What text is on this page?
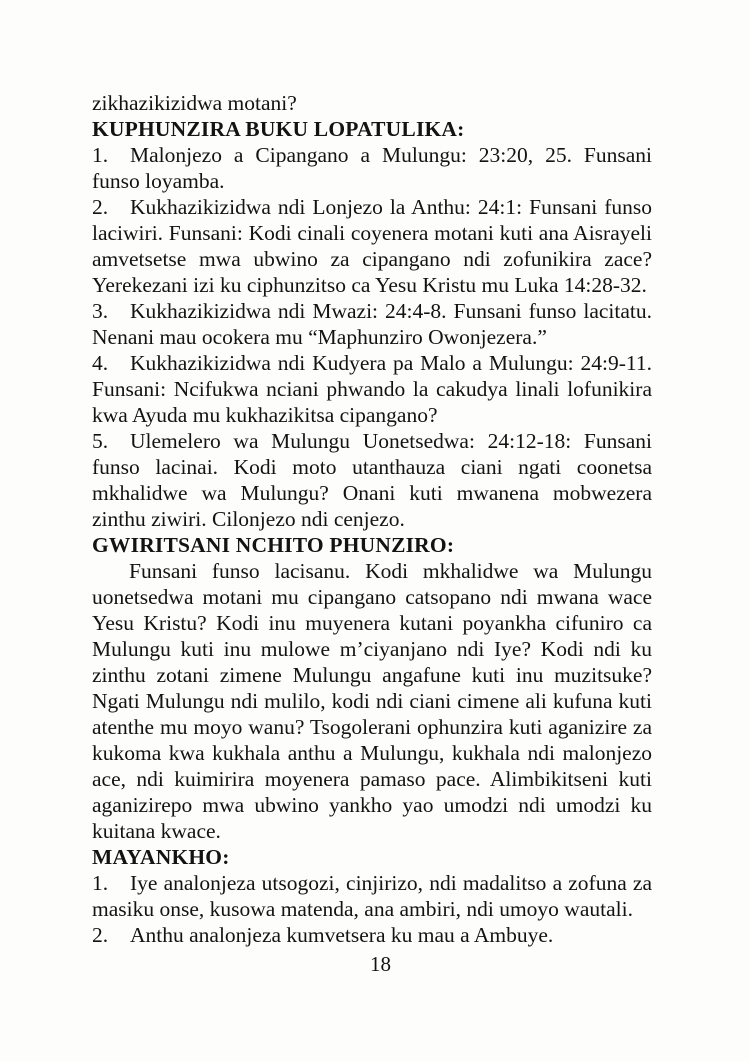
zikhazikizidwa motani?

KUPHUNZIRA BUKU LOPATULIKA:

1. Malonjezo a Cipangano a Mulungu: 23:20, 25. Funsani funso loyamba.

2. Kukhazikizidwa ndi Lonjezo la Anthu: 24:1: Funsani funso laciwiri. Funsani: Kodi cinali coyenera motani kuti ana Aisrayeli amvetsetse mwa ubwino za cipangano ndi zofunikira zace? Yerekezani izi ku ciphunzitso ca Yesu Kristu mu Luka 14:28-32.

3. Kukhazikizidwa ndi Mwazi: 24:4-8. Funsani funso lacitatu. Nenani mau ocokera mu “Maphunziro Owonjezera.”

4. Kukhazikizidwa ndi Kudyera pa Malo a Mulungu: 24:9-11. Funsani: Ncifukwa nciani phwando la cakudya linali lofunikira kwa Ayuda mu kukhazikitsa cipangano?

5. Ulemelero wa Mulungu Uonetsedwa: 24:12-18: Funsani funso lacinai. Kodi moto utanthauza ciani ngati coonetsa mkhalidwe wa Mulungu? Onani kuti mwanena mobwezera zinthu ziwiri. Cilonjezo ndi cenjezo.

GWIRITSANI NCHITO PHUNZIRO:

Funsani funso lacisanu. Kodi mkhalidwe wa Mulungu uonetsedwa motani mu cipangano catsopano ndi mwana wace Yesu Kristu? Kodi inu muyenera kutani poyankha cifuniro ca Mulungu kuti inu mulowe m’ciyanjano ndi Iye? Kodi ndi ku zinthu zotani zimene Mulungu angafune kuti inu muzitsuke? Ngati Mulungu ndi mulilo, kodi ndi ciani cimene ali kufuna kuti atenthe mu moyo wanu? Tsogolerani ophunzira kuti aganizire za kukoma kwa kukhala anthu a Mulungu, kukhala ndi malonjezo ace, ndi kuimirira moyenera pamaso pace. Alimbikitseni kuti aganizirepo mwa ubwino yankho yao umodzi ndi umodzi ku kuitana kwace.

MAYANKHO:

1. Iye analonjeza utsogozi, cinjirizo, ndi madalitso a zofuna za masiku onse, kusowa matenda, ana ambiri, ndi umoyo wautali.

2. Anthu analonjeza kumvetsera ku mau a Ambuye.

18
